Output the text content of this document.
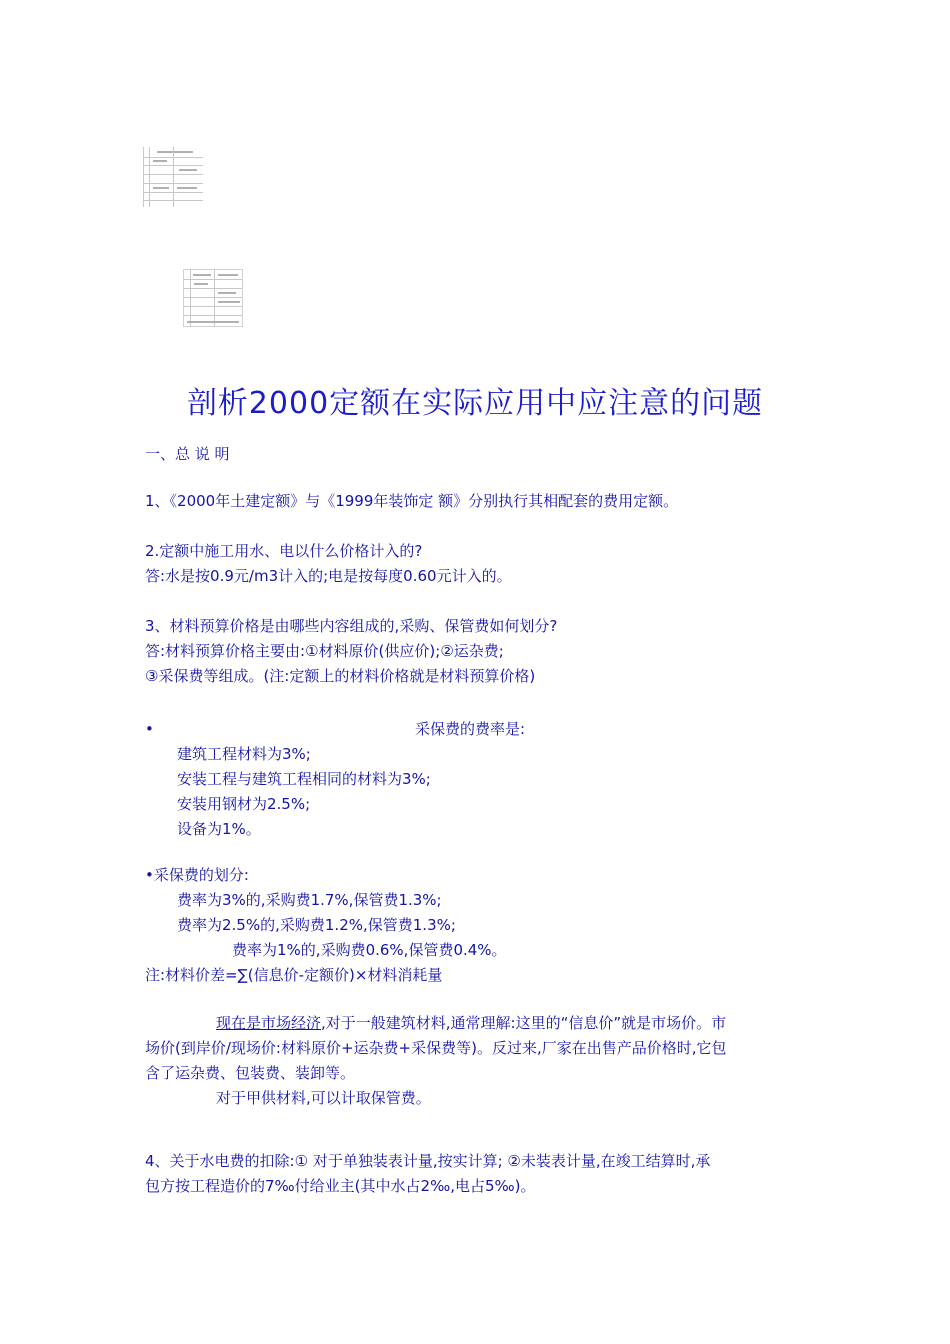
剖析2000定额在实际应用中应注意的问题
一、总 说 明
1、《2000年土建定额》与《1999年装饰定 额》分别执行其相配套的费用定额。
2.定额中施工用水、电以什么价格计入的?
答:水是按0.9元/m3计入的;电是按每度0.60元计入的。
3、材料预算价格是由哪些内容组成的,采购、保管费如何划分?
答:材料预算价格主要由:①材料原价(供应价);②运杂费;
③采保费等组成。(注:定额上的材料价格就是材料预算价格)
•	采保费的费率是:
建筑工程材料为3%;
安装工程与建筑工程相同的材料为3%;
安装用钢材为2.5%;
设备为1%。
•采保费的划分:
费率为3%的,采购费1.7%,保管费1.3%;
费率为2.5%的,采购费1.2%,保管费1.3%;
费率为1%的,采购费0.6%,保管费0.4%。
注:材料价差=∑(信息价-定额价)×材料消耗量
现在是市场经济,对于一般建筑材料,通常理解:这里的“信息价”就是市场价。市
场价(到岸价/现场价:材料原价+运杂费+采保费等)。反过来,厂家在出售产品价格时,它包
含了运杂费、包装费、装卸等。
对于甲供材料,可以计取保管费。
4、关于水电费的扣除:① 对于单独装表计量,按实计算; ②未装表计量,在竣工结算时,承
包方按工程造价的7‰付给业主(其中水占2‰,电占5‰)。
